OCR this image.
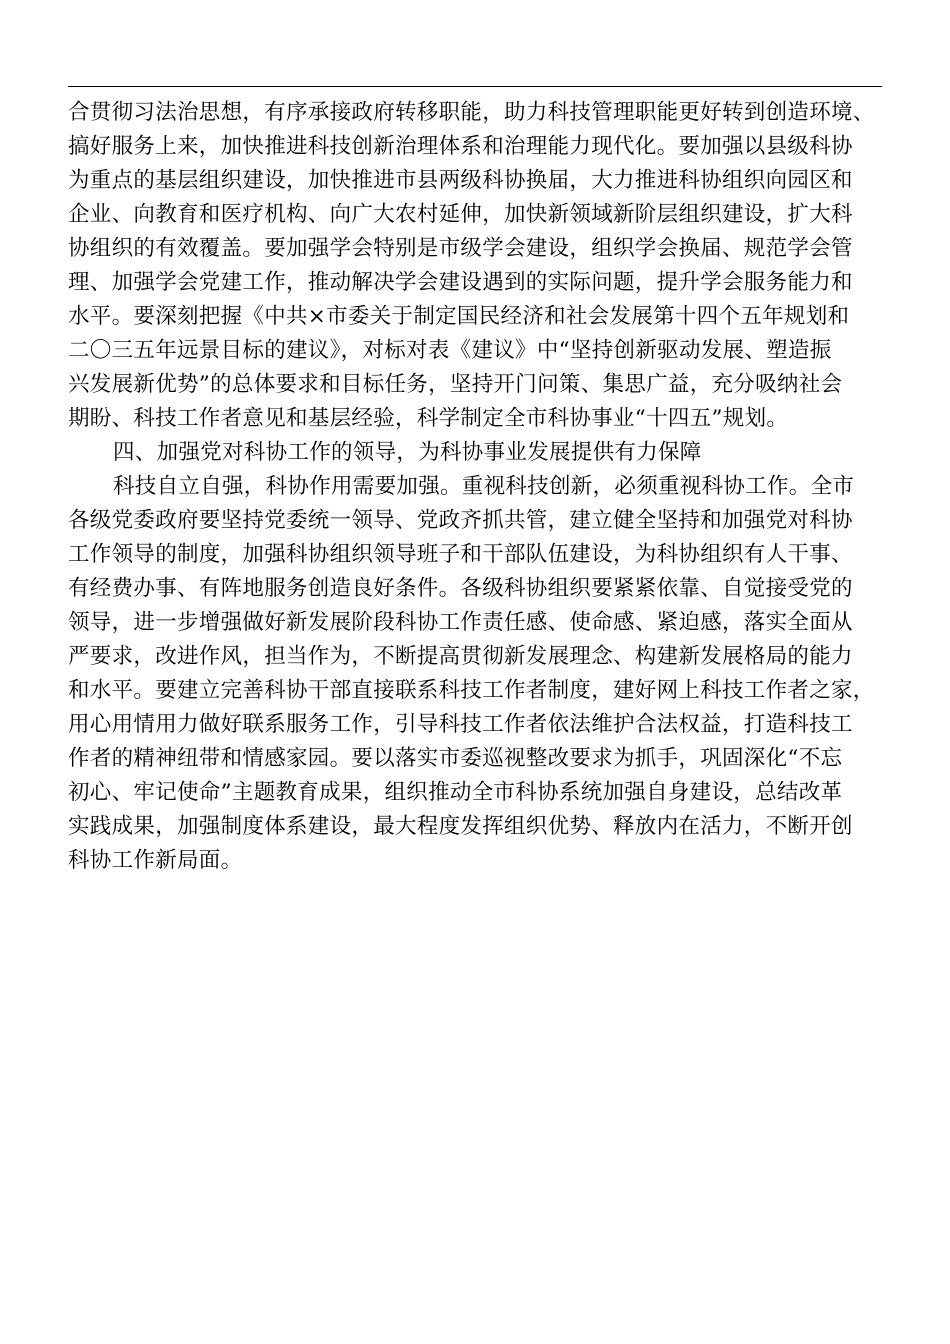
合贯彻习法治思想，有序承接政府转移职能，助力科技管理职能更好转到创造环境、
搞好服务上来，加快推进科技创新治理体系和治理能力现代化。要加强以县级科协
为重点的基层组织建设，加快推进市县两级科协换届，大力推进科协组织向园区和
企业、向教育和医疗机构、向广大农村延伸，加快新领域新阶层组织建设，扩大科
协组织的有效覆盖。要加强学会特别是市级学会建设，组织学会换届、规范学会管
理、加强学会党建工作，推动解决学会建设遇到的实际问题，提升学会服务能力和
水平。要深刻把握《中共×市委关于制定国民经济和社会发展第十四个五年规划和
二〇三五年远景目标的建议》，对标对表《建议》中“坚持创新驱动发展、塑造振
兴发展新优势”的总体要求和目标任务，坚持开门问策、集思广益，充分吸纳社会
期盼、科技工作者意见和基层经验，科学制定全市科协事业“十四五”规划。
四、加强党对科协工作的领导，为科协事业发展提供有力保障
科技自立自强，科协作用需要加强。重视科技创新，必须重视科协工作。全市
各级党委政府要坚持党委统一领导、党政齐抓共管，建立健全坚持和加强党对科协
工作领导的制度，加强科协组织领导班子和干部队伍建设，为科协组织有人干事、
有经费办事、有阵地服务创造良好条件。各级科协组织要紧紧依靠、自觉接受党的
领导，进一步增强做好新发展阶段科协工作责任感、使命感、紧迫感，落实全面从
严要求，改进作风，担当作为，不断提高贯彻新发展理念、构建新发展格局的能力
和水平。要建立完善科协干部直接联系科技工作者制度，建好网上科技工作者之家，
用心用情用力做好联系服务工作，引导科技工作者依法维护合法权益，打造科技工
作者的精神纽带和情感家园。要以落实市委巡视整改要求为抓手，巩固深化“不忘
初心、牢记使命”主题教育成果，组织推动全市科协系统加强自身建设，总结改革
实践成果，加强制度体系建设，最大程度发挥组织优势、释放内在活力，不断开创
科协工作新局面。
